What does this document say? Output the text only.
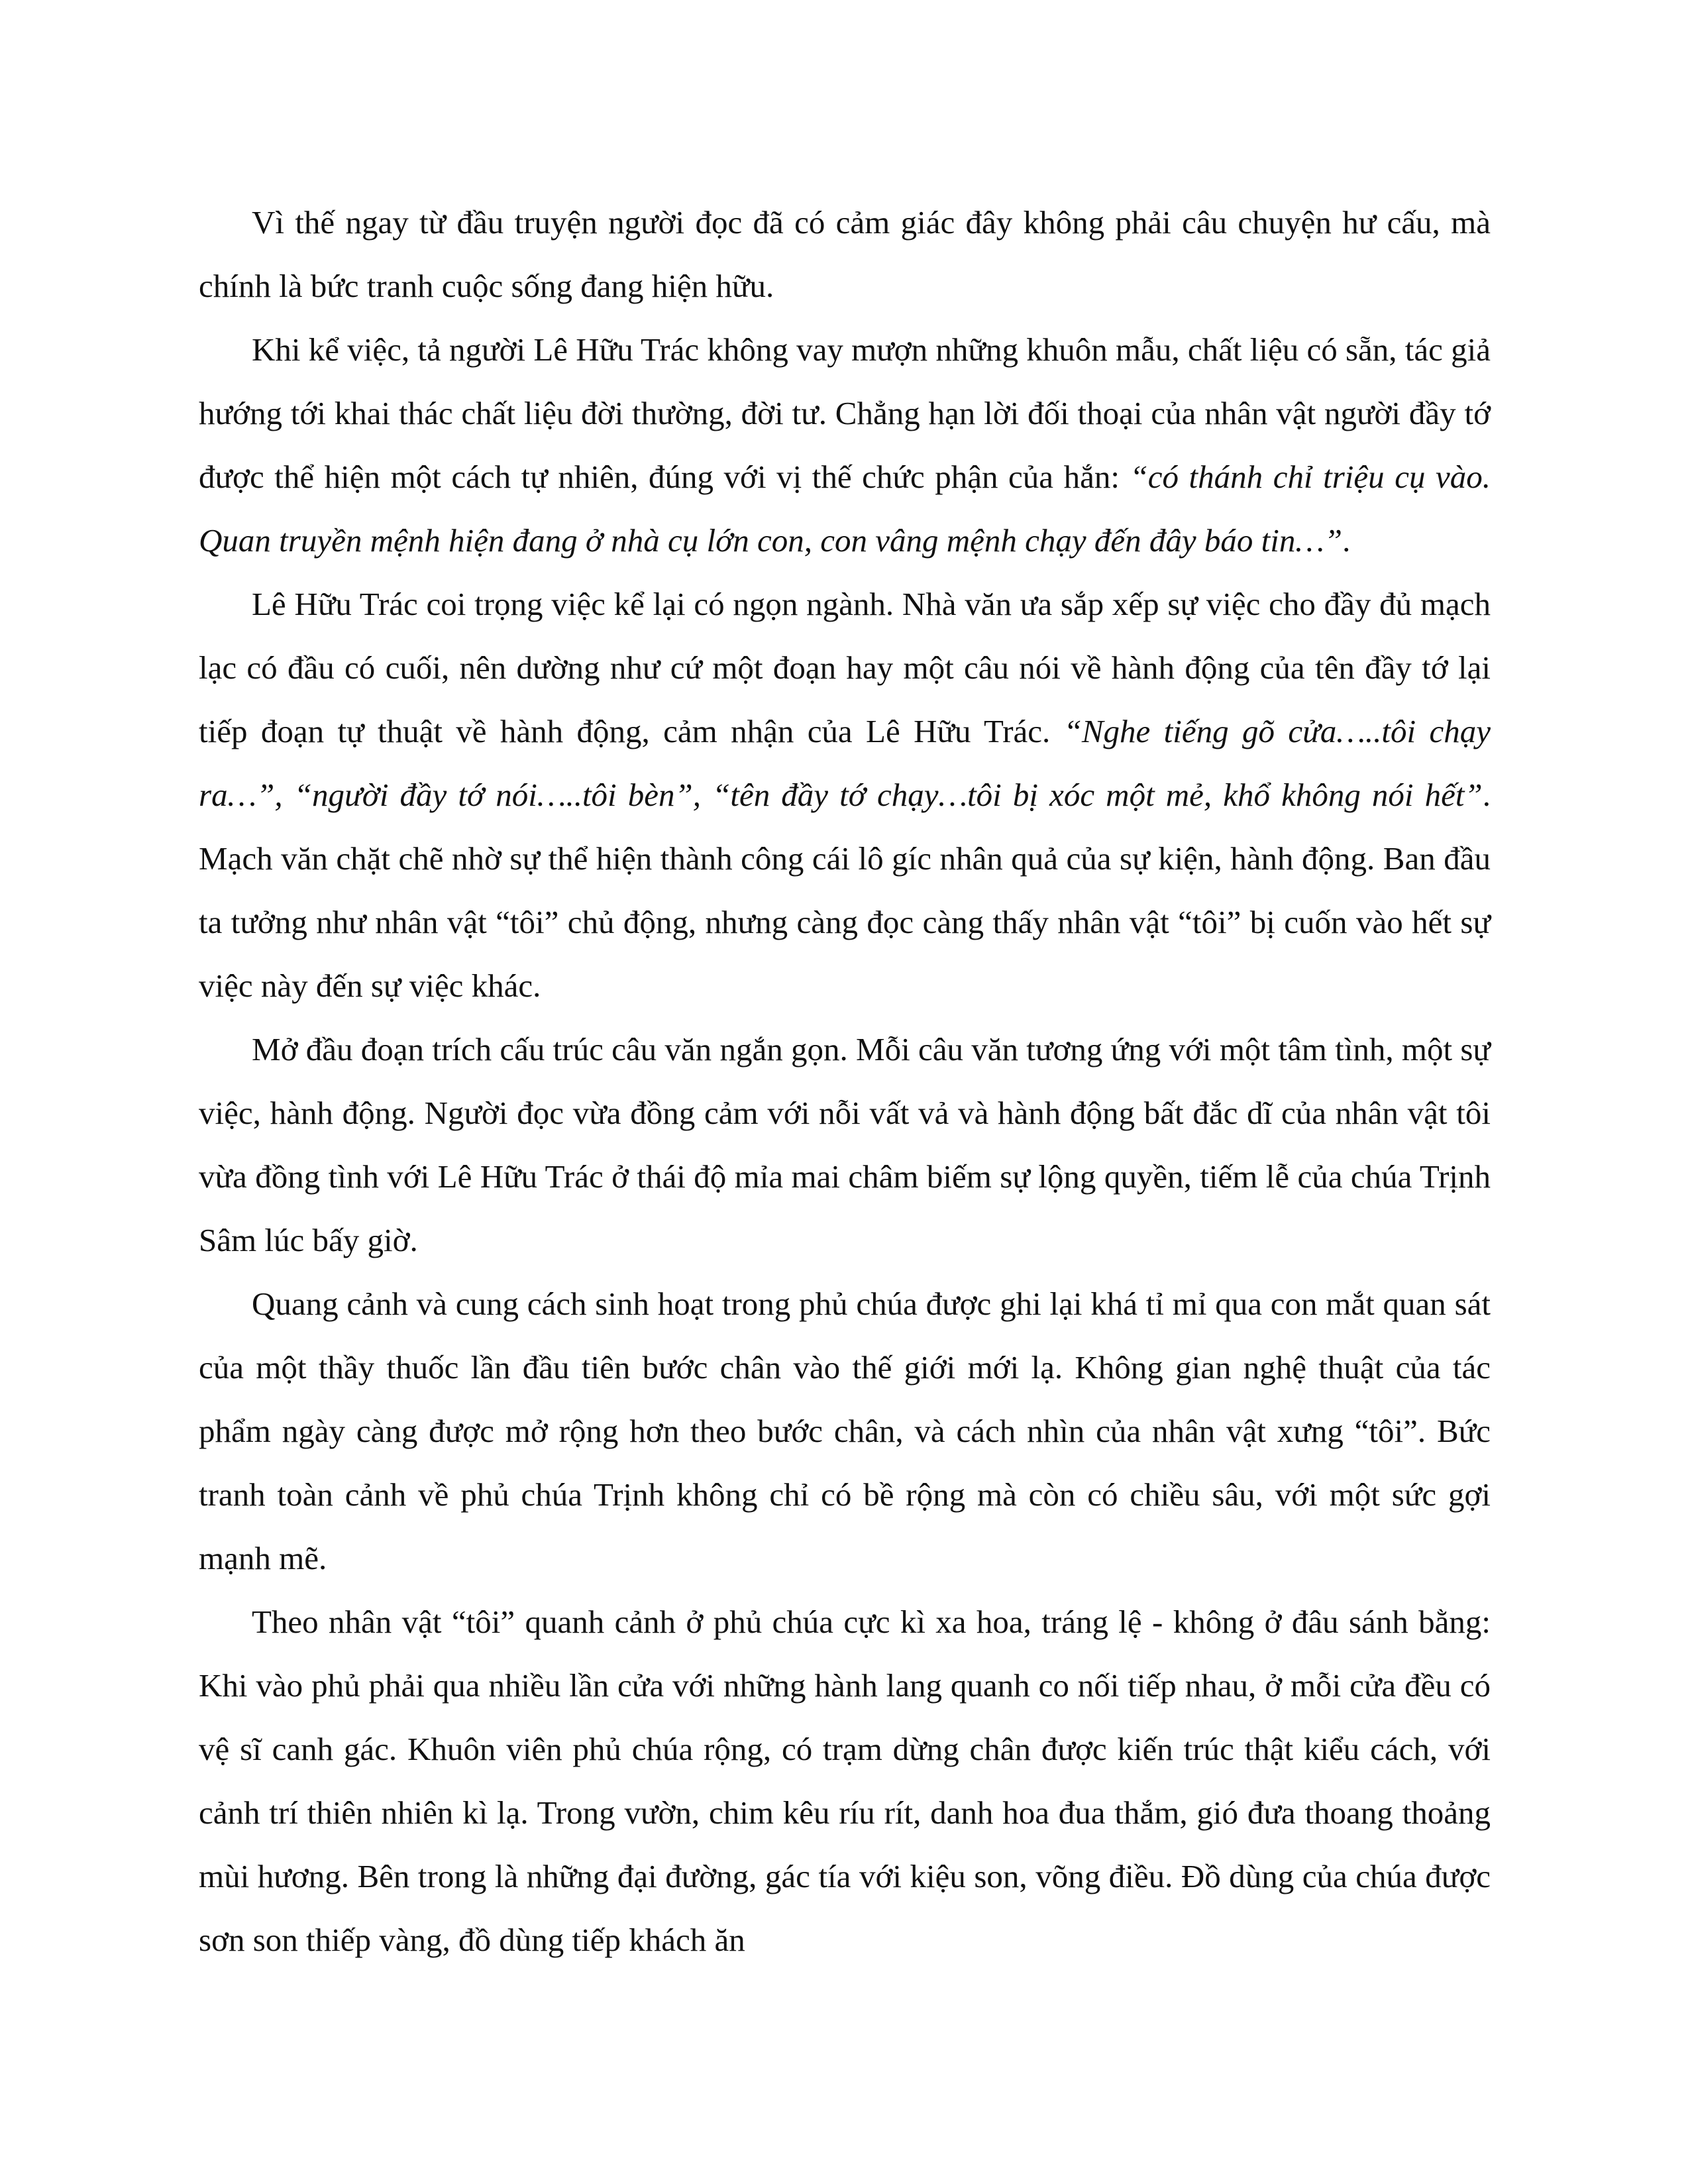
Vì thế ngay từ đầu truyện người đọc đã có cảm giác đây không phải câu chuyện hư cấu, mà chính là bức tranh cuộc sống đang hiện hữu.

Khi kể việc, tả người Lê Hữu Trác không vay mượn những khuôn mẫu, chất liệu có sẵn, tác giả hướng tới khai thác chất liệu đời thường, đời tư. Chẳng hạn lời đối thoại của nhân vật người đầy tớ được thể hiện một cách tự nhiên, đúng với vị thế chức phận của hắn: “có thánh chỉ triệu cụ vào. Quan truyền mệnh hiện đang ở nhà cụ lớn con, con vâng mệnh chạy đến đây báo tin…”.

Lê Hữu Trác coi trọng việc kể lại có ngọn ngành. Nhà văn ưa sắp xếp sự việc cho đầy đủ mạch lạc có đầu có cuối, nên dường như cứ một đoạn hay một câu nói về hành động của tên đầy tớ lại tiếp đoạn tự thuật về hành động, cảm nhận của Lê Hữu Trác. “Nghe tiếng gõ cửa…..tôi chạy ra…”, “người đầy tớ nói…..tôi bèn”, “tên đầy tớ chạy…tôi bị xóc một mẻ, khổ không nói hết”. Mạch văn chặt chẽ nhờ sự thể hiện thành công cái lô gíc nhân quả của sự kiện, hành động. Ban đầu ta tưởng như nhân vật “tôi” chủ động, nhưng càng đọc càng thấy nhân vật “tôi” bị cuốn vào hết sự việc này đến sự việc khác.

Mở đầu đoạn trích cấu trúc câu văn ngắn gọn. Mỗi câu văn tương ứng với một tâm tình, một sự việc, hành động. Người đọc vừa đồng cảm với nỗi vất vả và hành động bất đắc dĩ của nhân vật tôi vừa đồng tình với Lê Hữu Trác ở thái độ mỉa mai châm biếm sự lộng quyền, tiếm lễ của chúa Trịnh Sâm lúc bấy giờ.

Quang cảnh và cung cách sinh hoạt trong phủ chúa được ghi lại khá tỉ mỉ qua con mắt quan sát của một thầy thuốc lần đầu tiên bước chân vào thế giới mới lạ. Không gian nghệ thuật của tác phẩm ngày càng được mở rộng hơn theo bước chân, và cách nhìn của nhân vật xưng “tôi”. Bức tranh toàn cảnh về phủ chúa Trịnh không chỉ có bề rộng mà còn có chiều sâu, với một sức gợi mạnh mẽ.

Theo nhân vật “tôi” quanh cảnh ở phủ chúa cực kì xa hoa, tráng lệ - không ở đâu sánh bằng: Khi vào phủ phải qua nhiều lần cửa với những hành lang quanh co nối tiếp nhau, ở mỗi cửa đều có vệ sĩ canh gác. Khuôn viên phủ chúa rộng, có trạm dừng chân được kiến trúc thật kiểu cách, với cảnh trí thiên nhiên kì lạ. Trong vườn, chim kêu ríu rít, danh hoa đua thắm, gió đưa thoang thoảng mùi hương. Bên trong là những đại đường, gác tía với kiệu son, võng điều. Đồ dùng của chúa được sơn son thiếp vàng, đồ dùng tiếp khách ăn
